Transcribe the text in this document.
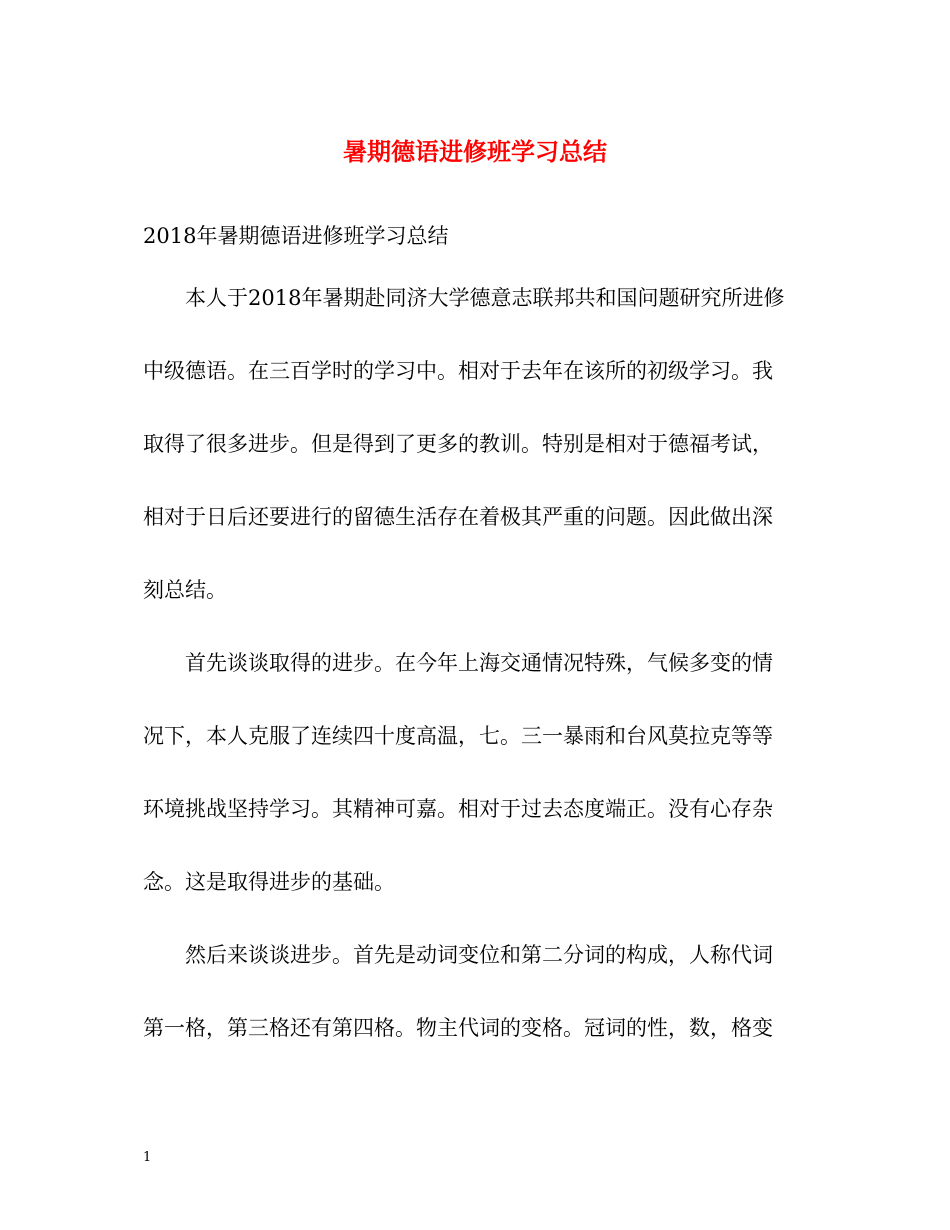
暑期德语进修班学习总结

2018年暑期德语进修班学习总结

本人于2018年暑期赴同济大学德意志联邦共和国问题研究所进修
中级德语。在三百学时的学习中。相对于去年在该所的初级学习。我
取得了很多进步。但是得到了更多的教训。特别是相对于德福考试，
相对于日后还要进行的留德生活存在着极其严重的问题。因此做出深
刻总结。
首先谈谈取得的进步。在今年上海交通情况特殊，气候多变的情
况下，本人克服了连续四十度高温，七。三一暴雨和台风莫拉克等等
环境挑战坚持学习。其精神可嘉。相对于过去态度端正。没有心存杂
念。这是取得进步的基础。
然后来谈谈进步。首先是动词变位和第二分词的构成，人称代词
第一格，第三格还有第四格。物主代词的变格。冠词的性，数，格变
1
